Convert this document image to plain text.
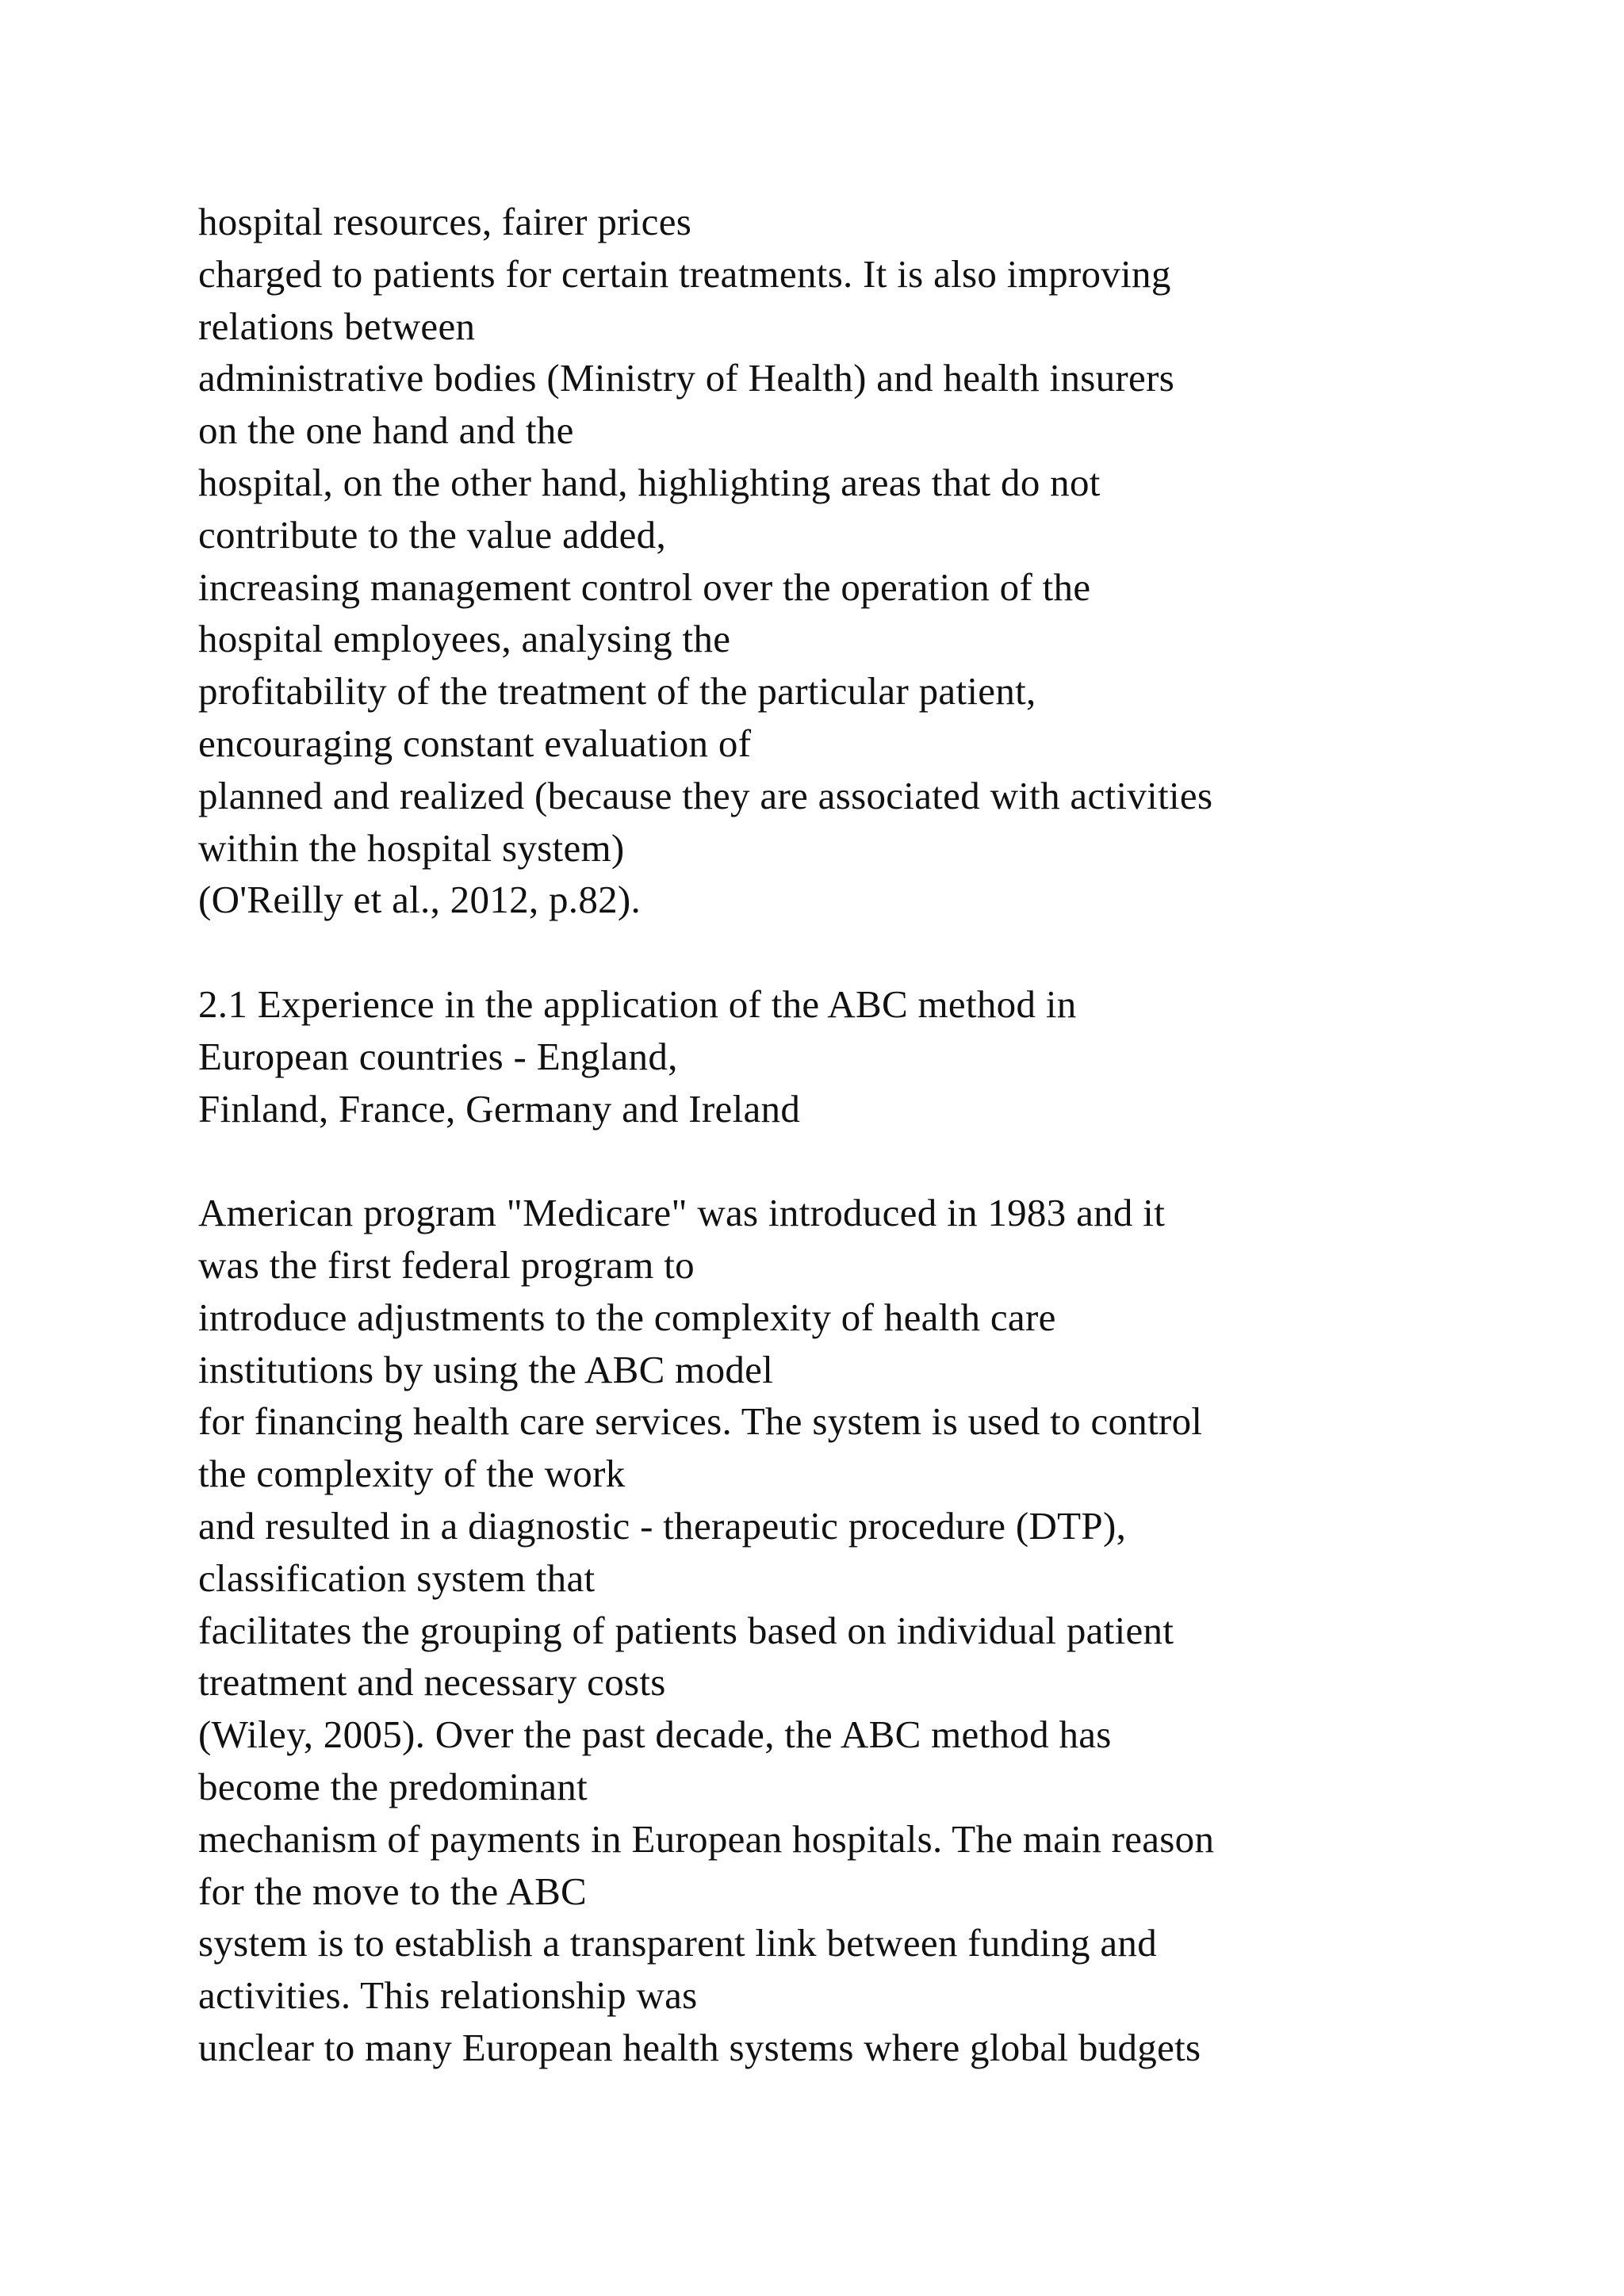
hospital resources, fairer prices
charged to patients for certain treatments. It is also improving
relations between
administrative bodies (Ministry of Health) and health insurers
on the one hand and the
hospital, on the other hand, highlighting areas that do not
contribute to the value added,
increasing management control over the operation of the
hospital employees, analysing the
profitability of the treatment of the particular patient,
encouraging constant evaluation of
planned and realized (because they are associated with activities
within the hospital system)
(O'Reilly et al., 2012, p.82).
2.1 Experience in the application of the ABC method in
European countries - England,
Finland, France, Germany and Ireland
American program "Medicare" was introduced in 1983 and it
was the first federal program to
introduce adjustments to the complexity of health care
institutions by using the ABC model
for financing health care services. The system is used to control
the complexity of the work
and resulted in a diagnostic - therapeutic procedure (DTP),
classification system that
facilitates the grouping of patients based on individual patient
treatment and necessary costs
(Wiley, 2005). Over the past decade, the ABC method has
become the predominant
mechanism of payments in European hospitals. The main reason
for the move to the ABC
system is to establish a transparent link between funding and
activities. This relationship was
unclear to many European health systems where global budgets
